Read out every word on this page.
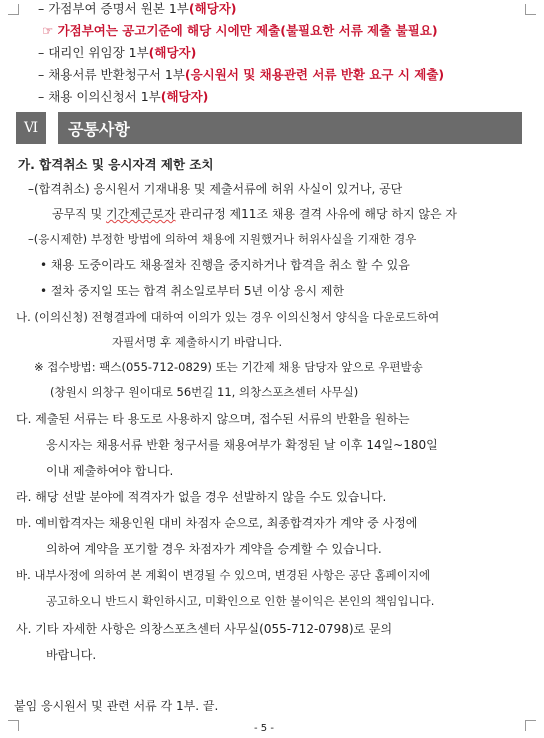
– 가점부여 증명서 원본 1부(해당자)
☞ 가점부여는 공고기준에 해당 시에만 제출(불필요한 서류 제출 불필요)
– 대리인 위임장 1부(해당자)
– 채용서류 반환청구서 1부(응시원서 및 채용관련 서류 반환 요구 시 제출)
– 채용 이의신청서 1부(해당자)
Ⅵ	공통사항
가. 합격취소 및 응시자격 제한 조치
–(합격취소) 응시원서 기재내용 및 제출서류에 허위 사실이 있거나, 공단
공무직 및 기간제근로자 관리규정 제11조 채용 결격 사유에 해당 하지 않은 자
–(응시제한) 부정한 방법에 의하여 채용에 지원했거나 허위사실을 기재한 경우
• 채용 도중이라도 채용절차 진행을 중지하거나 합격을 취소 할 수 있음
• 절차 중지일 또는 합격 취소일로부터 5년 이상 응시 제한
나. (이의신청) 전형결과에 대하여 이의가 있는 경우 이의신청서 양식을 다운로드하여
자필서명 후 제출하시기 바랍니다.
※ 접수방법: 팩스(055-712-0829) 또는 기간제 채용 담당자 앞으로 우편발송
(창원시 의창구 원이대로 56번길 11, 의창스포츠센터 사무실)
다. 제출된 서류는 타 용도로 사용하지 않으며, 접수된 서류의 반환을 원하는
응시자는 채용서류 반환 청구서를 채용여부가 확정된 날 이후 14일~180일
이내 제출하여야 합니다.
라. 해당 선발 분야에 적격자가 없을 경우 선발하지 않을 수도 있습니다.
마. 예비합격자는 채용인원 대비 차점자 순으로, 최종합격자가 계약 중 사정에
의하여 계약을 포기할 경우 차점자가 계약을 승계할 수 있습니다.
바. 내부사정에 의하여 본 계획이 변경될 수 있으며, 변경된 사항은 공단 홈페이지에
공고하오니 반드시 확인하시고, 미확인으로 인한 불이익은 본인의 책임입니다.
사. 기타 자세한 사항은 의창스포츠센터 사무실(055-712-0798)로 문의
바랍니다.
붙임 응시원서 및 관련 서류 각 1부. 끝.
- 5 -
